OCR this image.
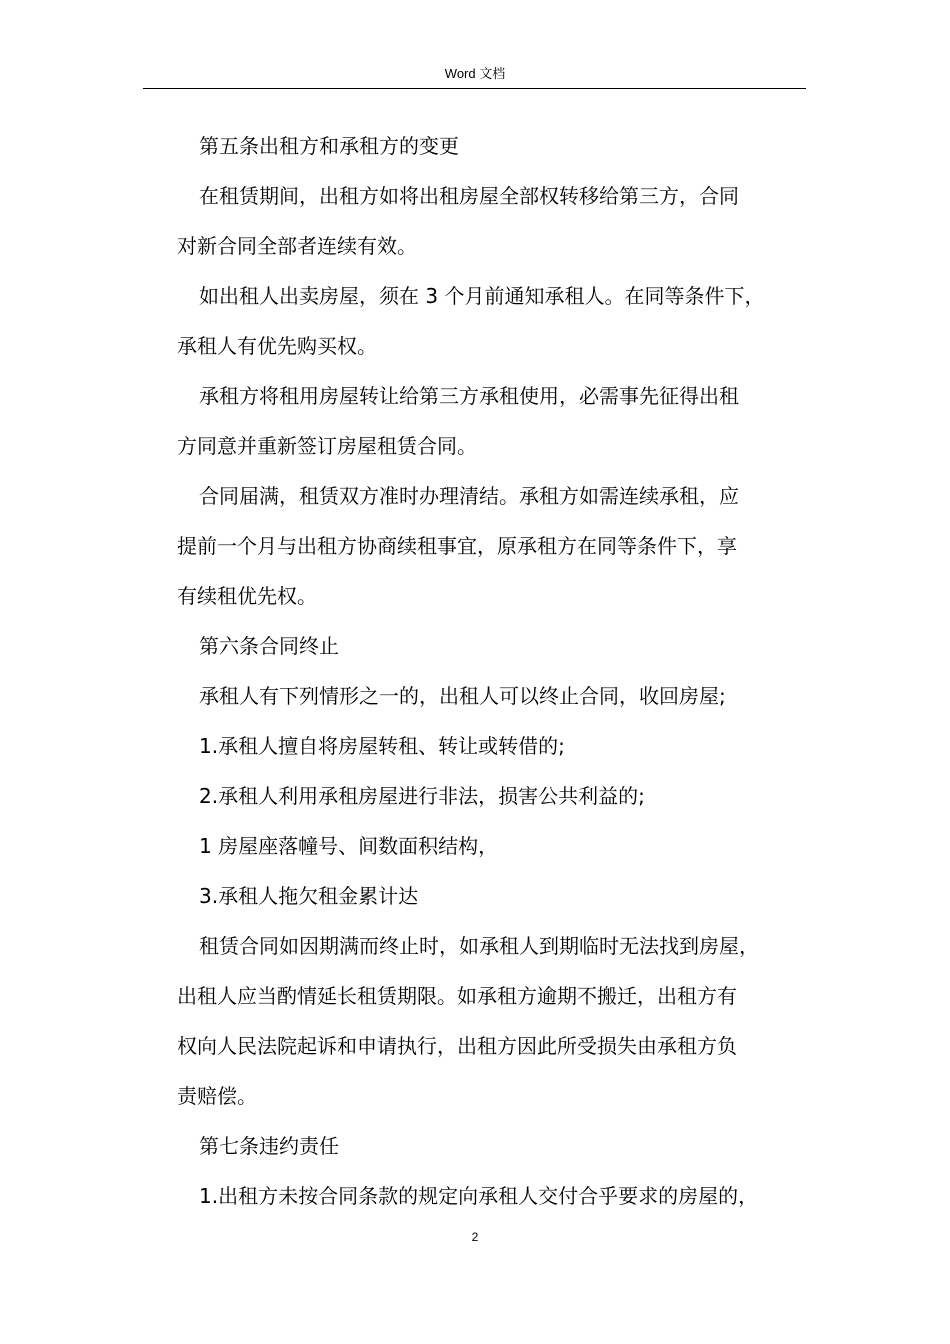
Word 文档

第五条出租方和承租方的变更

在租赁期间，出租方如将出租房屋全部权转移给第三方，合同
对新合同全部者连续有效。

如出租人出卖房屋，须在 3 个月前通知承租人。在同等条件下，
承租人有优先购买权。

承租方将租用房屋转让给第三方承租使用，必需事先征得出租
方同意并重新签订房屋租赁合同。

合同届满，租赁双方准时办理清结。承租方如需连续承租，应
提前一个月与出租方协商续租事宜，原承租方在同等条件下，享
有续租优先权。

第六条合同终止

承租人有下列情形之一的，出租人可以终止合同，收回房屋;

1.承租人擅自将房屋转租、转让或转借的;

2.承租人利用承租房屋进行非法，损害公共利益的;

1 房屋座落幢号、间数面积结构，

3.承租人拖欠租金累计达

租赁合同如因期满而终止时，如承租人到期临时无法找到房屋，
出租人应当酌情延长租赁期限。如承租方逾期不搬迁，出租方有
权向人民法院起诉和申请执行，出租方因此所受损失由承租方负
责赔偿。

第七条违约责任

1.出租方未按合同条款的规定向承租人交付合乎要求的房屋的，

2
